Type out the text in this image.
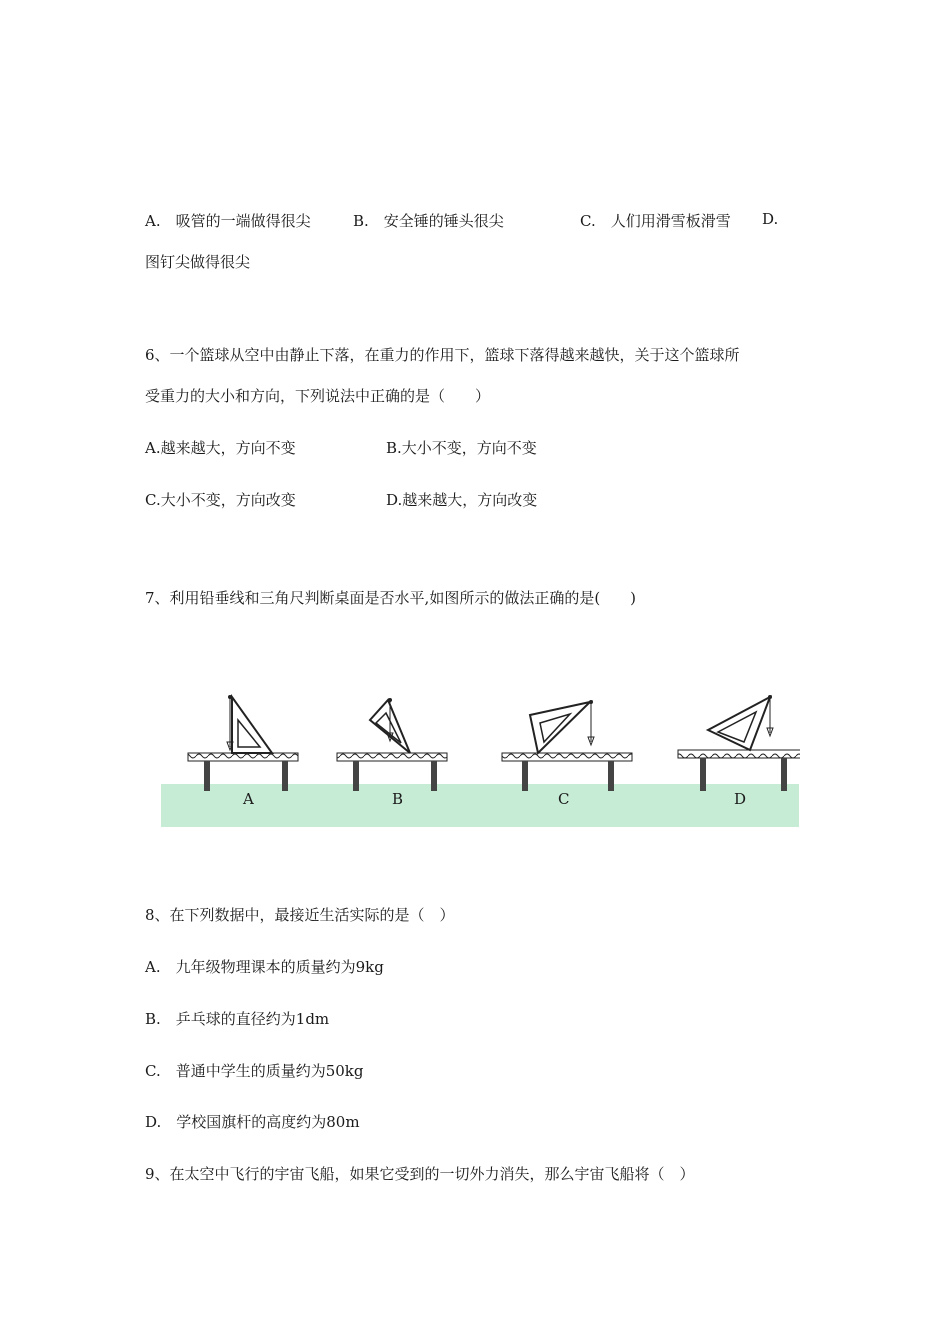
A.　吸管的一端做得很尖	B.　安全锤的锤头很尖	C.　人们用滑雪板滑雪 D.
图钉尖做得很尖
6、一个篮球从空中由静止下落，在重力的作用下，篮球下落得越来越快，关于这个篮球所
受重力的大小和方向，下列说法中正确的是（　　）
A.越来越大，方向不变	B.大小不变，方向不变
C.大小不变，方向改变	D.越来越大，方向改变
7、利用铅垂线和三角尺判断桌面是否水平,如图所示的做法正确的是(　　)
A	B	C	D
8、在下列数据中，最接近生活实际的是（　）
A.　九年级物理课本的质量约为9kg
B.　乒乓球的直径约为1dm
C.　普通中学生的质量约为50kg
D.　学校国旗杆的高度约为80m
9、在太空中飞行的宇宙飞船，如果它受到的一切外力消失，那么宇宙飞船将（　）
